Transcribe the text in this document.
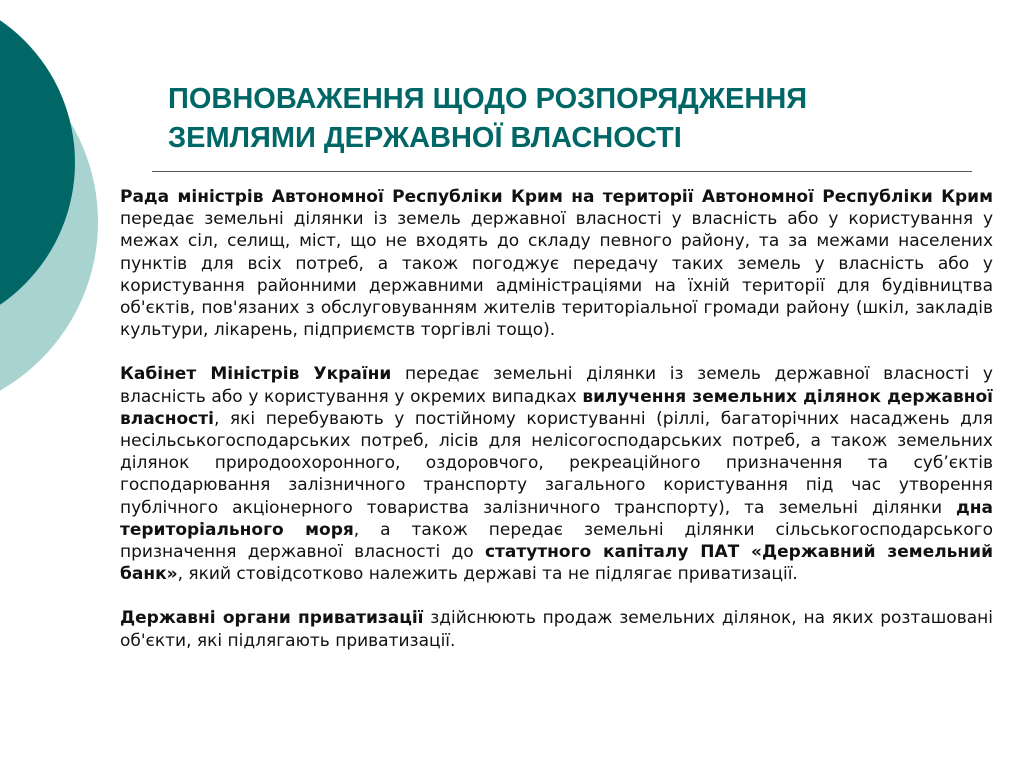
ПОВНОВАЖЕННЯ ЩОДО РОЗПОРЯДЖЕННЯ
ЗЕМЛЯМИ ДЕРЖАВНОЇ ВЛАСНОСТІ

Рада міністрів Автономної Республіки Крим на території Автономної Республіки Крим передає земельні ділянки із земель державної власності у власність або у користування у межах сіл, селищ, міст, що не входять до складу певного району, та за межами населених пунктів для всіх потреб, а також погоджує передачу таких земель у власність або у користування районними державними адміністраціями на їхній території для будівництва об'єктів, пов'язаних з обслуговуванням жителів територіальної громади району (шкіл, закладів культури, лікарень, підприємств торгівлі тощо).

Кабінет Міністрів України передає земельні ділянки із земель державної власності у власність або у користування у окремих випадках вилучення земельних ділянок державної власності, які перебувають у постійному користуванні (ріллі, багаторічних насаджень для несільськогосподарських потреб, лісів для нелісогосподарських потреб, а також земельних ділянок природоохоронного, оздоровчого, рекреаційного призначення та суб’єктів господарювання залізничного транспорту загального користування під час утворення публічного акціонерного товариства залізничного транспорту), та земельні ділянки дна територіального моря, а також передає земельні ділянки сільськогосподарського призначення державної власності до статутного капіталу ПАТ «Державний земельний банк», який стовідсотково належить державі та не підлягає приватизації.

Державні органи приватизації здійснюють продаж земельних ділянок, на яких розташовані об'єкти, які підлягають приватизації.
